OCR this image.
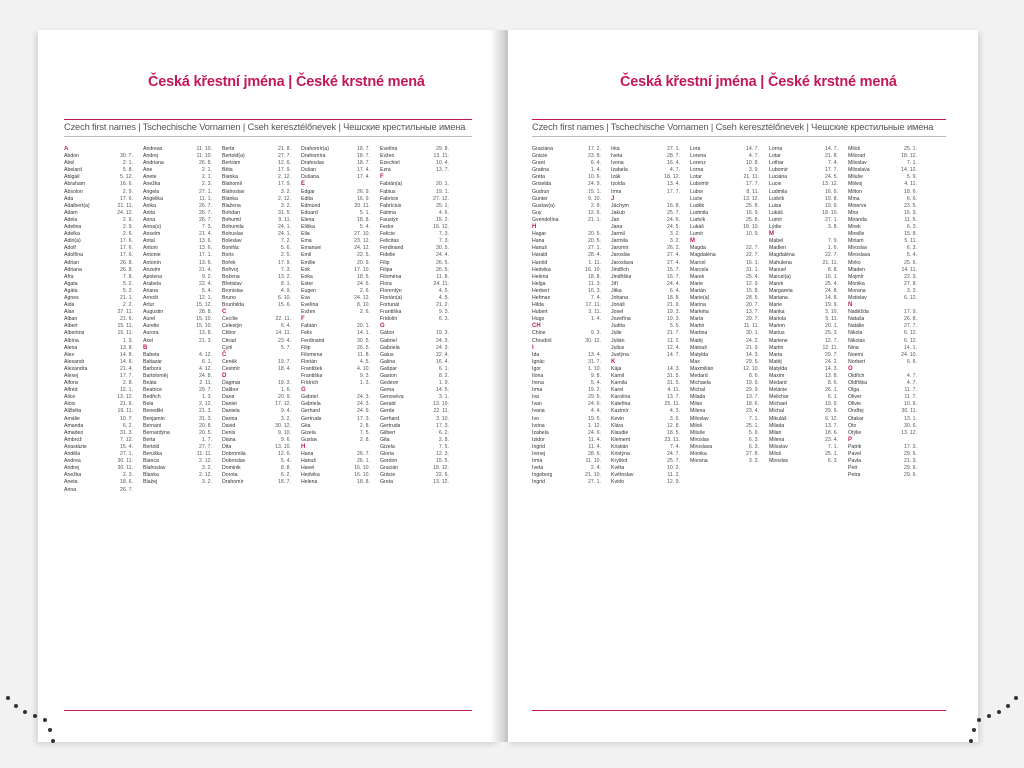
Česká křestní jména | České krstné mená
Czech first names | Tschechische Vornamen | Cseh keresztélőnevek | Чешские крестильные имена
A
Abdon	30. 7.
Abel	2. 1.
Abelard	5. 8.
Abigail	5. 12.
Abraham	16. 6.
Absolon	2. 9.
Ada	17. 6.
Adalbert(a)	21. 11.
Adam	24. 12.
Adela	2. 6.
Adelina	2. 9.
Adelka	2. 6.
Adin(a)	17. 6.
Adolf	17. 6.
Adolfína	17. 6.
Adrian	26. 8.
Adriana	26. 8.
Afra	7. 8.
Agata	5. 2.
Agáta	5. 2.
Agnes	21. 1.
Aida	2. 2.
Alan	27. 11.
Alban	21. 6.
Albert	15. 11.
Albertina	15. 11.
Albína	1. 3.
Alena	13. 8.
Alex	14. 8.
Alexandr	14. 8.
Alexandra	21. 4.
Alexej	17. 7.
Alfons	2. 8.
Alfréd	12. 1.
Alice	13. 12.
Alois	21. 6.
Alžběta	19. 11.
Amálie	10. 7.
Amanda	6. 2.
Amadeo	31. 3.
Ambrož	7. 12.
Anastázie	15. 4.
Anděla	27. 1.
Andrea	30. 11.
Andrej	30. 11.
Anežka	2. 3.
Aneta	18. 6.
Anna	26. 7.
Andreas	11. 10.
Andrej	11. 10.
Andriana	26. 8.
Ane	2. 1.
Anete	2. 1.
Anežka	2. 3.
Angela	27. 1.
Angelika	11. 1.
Anika	26. 7.
Anita	26. 7.
Anna	26. 7.
Anna(s)	7. 3.
Anselm	21. 4.
Antal	13. 6.
Antoni	13. 6.
Antonie	17. 1.
Antonín	13. 6.
Anzelm	21. 4.
Apolena	9. 2.
Arabela	22. 4.
Ariana	5. 4.
Arnošt	12. 1.
Artur	15. 12.
Augustin	28. 8.
Aurel	15. 10.
Aurelie	15. 10.
Aurora	13. 8.
Axel	21. 3.
B
Babeta	4. 12.
Baltazar	6. 1.
Barbora	4. 12.
Bartoloměj	24. 8.
Beáta	2. 11.
Beatrice	29. 7.
Bedřich	1. 3.
Bela	2. 12.
Benedikt	21. 3.
Benjamin	31. 3.
Bernard	20. 8.
Bernardýna	20. 5.
Berta	1. 7.
Bertold	27. 7.
Beruška	11. 11.
Bianca	2. 12.
Blahoslav	3. 2.
Blanka	2. 12.
Blažej	3. 2.
Berta	21. 8.
Bertold(a)	27. 7.
Bertram	12. 6.
Běta	17. 9.
Bianka	2. 12.
Blahomil	17. 9.
Blahoslav	3. 2.
Blanka	2. 12.
Blažena	3. 2.
Bohdan	31. 5.
Bohumil	9. 11.
Bohumila	24. 1.
Bohuslav	24. 1.
Boleslav	7. 2.
Bonifác	5. 6.
Boris	2. 5.
Bořek	17. 9.
Bořivoj	7. 3.
Božena	13. 2.
Břetislav	8. 1.
Bronislav	4. 9.
Bruno	6. 10.
Brunhilda	15. 6.
C
Cecílie	22. 11.
Celestýn	6. 4.
Ctibor	14. 11.
Ctirad	23. 4.
Cyril	5. 7.
Č
Čeněk	19. 7.
Čestmír	18. 4.
D
Dagmar	19. 3.
Dalibor	1. 6.
Dana	20. 9.
Daniel	17. 12.
Daniela	9. 4.
Darina	3. 2.
David	30. 12.
Denis	9. 10.
Diana	9. 6.
Dita	13. 10.
Dobromila	12. 6.
Dobroslav	5. 4.
Dominik	8. 8.
Dorota	6. 2.
Drahomír	18. 7.
Drahomír(a)	18. 7.
Drahomíra	18. 7.
Drahoslav	18. 7.
Dušan	17. 4.
Dušana	17. 4.
E
Edgar	26. 9.
Edita	16. 9.
Edmund	20. 11.
Eduard	5. 1.
Elena	18. 8.
Eliška	5. 4.
Ella	27. 10.
Ema	23. 12.
Emanuel	24. 12.
Emil	22. 5.
Emílie	20. 9.
Erik	17. 10.
Erika	18. 5.
Ester	24. 6.
Eugen	2. 6.
Eva	24. 12.
Evelína	8. 10.
Evžen	2. 6.
F
Fabián	20. 1.
Felix	14. 1.
Ferdinand	30. 5.
Filip	26. 5.
Filomena	11. 8.
Florián	4. 5.
František	4. 10.
Františka	9. 3.
Fridrich	1. 3.
G
Gabriel	24. 3.
Gabriela	24. 3.
Gerhard	24. 9.
Gertruda	17. 3.
Gita	2. 8.
Gizela	7. 5.
Gustav	2. 8.
H
Hana	26. 7.
Hanuš	26. 1.
Havel	16. 10.
Hedvika	16. 10.
Helena	18. 8.
Evelína	29. 8.
Evžen	13. 11.
Ezechiel	10. 4.
Ezra	13. 7.
F
Fabián(a)	20. 1.
Fabius	19. 1.
Fabricie	27. 12.
Fabrícius	25. 1.
Fatima	4. 6.
Faustýn	15. 2.
Fedor	16. 12.
Felicie	7. 3.
Felicitas	7. 3.
Ferdinand	30. 5.
Fidelie	24. 4.
Filip	26. 5.
Filipa	26. 5.
Filoména	11. 8.
Flora	24. 11.
Florentýn	4. 5.
Florián(a)	4. 5.
Fortunát	21. 2.
Františka	9. 3.
Fridolín	6. 3.
G
Gábor	19. 3.
Gabriel	24. 3.
Gabriela	24. 3.
Gaius	22. 4.
Galina	16. 4.
Gašpar	6. 1.
Gaston	8. 2.
Gedeon	1. 9.
Gema	14. 5.
Genovéva	3. 1.
Gerald	13. 10.
Gerda	22. 11.
Gerhard	3. 10.
Gertruda	17. 3.
Gilbert	6. 2.
Gita	2. 8.
Gizela	7. 5.
Gloria	12. 3.
Gordon	15. 5.
Gracián	18. 12.
Grácie	22. 6.
Greta	13. 12.
Česká křestní jména | České krstné mená
Czech first names | Tschechische Vornamen | Cseh keresztélőnevek | Чешские крестильные имена
Graciána	17. 2.
Grácie	23. 8.
Grant	6. 4.
Gratina	1. 4.
Gréta	10. 6.
Griselda	24. 9.
Gudrun	15. 1.
Gunter	9. 10.
Gustav(a)	2. 8.
Guy	12. 6.
Gvendolína	21. 1.
H
Hagar	20. 5.
Hana	20. 5.
Hanuš	27. 1.
Harald	28. 4.
Harold	1. 11.
Hedvika	16. 10.
Helena	18. 8.
Helga	11. 3.
Herbert	16. 3.
Heřman	7. 4.
Hilda	17. 11.
Hubert	3. 11.
Hugo	1. 4.
CH
Chloe	9. 3.
Chrudoš	30. 12.
I
Ida	13. 4.
Ignác	31. 7.
Igor	1. 10.
Ilona	9. 8.
Irena	5. 4.
Irma	19. 2.
Iva	29. 5.
Ivan	24. 6.
Ivana	4. 4.
Ivo	19. 5.
Ivona	1. 12.
Izabela	24. 6.
Izidor	11. 4.
Ingrid	11. 4.
Irenej	28. 6.
Irma	11. 10.
Iveta	2. 4.
Ingeborg	21. 10.
Ingrid	27. 1.
Irka	27. 1.
Iveta	28. 7.
Ivona	16. 4.
Izabela	4. 7.
Izák	18. 12.
Izolda	13. 4.
Irma	17. 7.
J
Jáchym	16. 8.
Jakub	25. 7.
Jan	24. 6.
Jana	24. 5.
Jarmil	3. 2.
Jarmila	3. 2.
Jaromír	26. 2.
Jaroslav	27. 4.
Jaroslava	27. 4.
Jindřich	15. 7.
Jindřiška	16. 7.
Jiří	24. 4.
Jitka	6. 4.
Johana	18. 8.
Jonáš	21. 9.
Josef	19. 3.
Jozefína	19. 3.
Judita	5. 5.
Julie	21. 7.
Julián	11. 2.
Julius	12. 4.
Justýna	14. 7.
K
Kája	14. 3.
Kamil	31. 5.
Kamila	31. 5.
Karel	4. 11.
Karolína	13. 7.
Kateřina	25. 11.
Kazimír	4. 3.
Kevin	3. 6.
Klára	12. 8.
Klaudie	18. 5.
Klement	23. 11.
Kristián	7. 4.
Kristýna	24. 7.
Kryštof	25. 7.
Květa	10. 2.
Květoslav	11. 2.
Kvido	12. 9.
Lora	14. 7.
Lorena	4. 7.
Lorenz	10. 8.
Lorna	3. 9.
Lotar	21. 11.
Lubomír	17. 7.
Lubor	8. 11.
Lucie	13. 12.
Luděk	25. 8.
Ludmila	16. 9.
Ludvík	25. 8.
Lukáš	18. 10.
Lumír	10. 9.
M
Magda	22. 7.
Magdaléna	22. 7.
Marcel	16. 1.
Marcela	31. 1.
Marek	25. 4.
Marie	12. 9.
Marián	15. 8.
Marie(a)	28. 5.
Marina	20. 7.
Markéta	13. 7.
Marta	29. 7.
Martin	11. 11.
Martina	30. 1.
Matěj	24. 2.
Matouš	21. 9.
Matylda	14. 3.
Max	29. 5.
Maxmilián	12. 10.
Medard	8. 6.
Michaela	19. 9.
Michal	29. 9.
Milada	13. 7.
Milan	18. 6.
Milena	23. 4.
Miloslav	7. 1.
Miloš	25. 1.
Miluše	5. 9.
Miroslav	6. 3.
Miroslava	6. 3.
Monika	27. 8.
Morana	3. 3.
Lorna	14. 7.
Lotar	21. 8.
Lothar	7. 4.
Lubomír	17. 7.
Luciána	24. 5.
Lucie	13. 12.
Ludmila	16. 9.
Ludvík	19. 8.
Luisa	19. 9.
Lukáš	18. 10.
Lumír	27. 1.
Lýdie	3. 8.
M
Mabel	7. 9.
Madlen	1. 6.
Magdaléna	22. 7.
Mahulena	21. 11.
Manuel	8. 8.
Marcel(a)	16. 1.
Marek	25. 4.
Margareta	24. 8.
Mariana	14. 8.
Marie	19. 9.
Marika	3. 10.
Mariola	5. 11.
Marion	20. 1.
Marius	25. 3.
Marlene	12. 7.
Martin	12. 11.
Marta	29. 7.
Matěj	24. 2.
Matylda	14. 3.
Maxim	13. 8.
Medard	8. 6.
Melánie	26. 1.
Melichar	6. 1.
Michael	19. 9.
Michal	29. 9.
Mikuláš	6. 12.
Milada	13. 7.
Milan	18. 6.
Milena	23. 4.
Miloslav	7. 1.
Miloš	25. 1.
Miroslav	6. 3.
Miloš	25. 1.
Milorad	18. 12.
Miloslav	7. 1.
Miloslava	14. 12.
Miluše	5. 9.
Milivoj	4. 11.
Milton	18. 6.
Mína	6. 6.
Minerva	23. 5.
Mira	16. 3.
Miranda	11. 5.
Mirek	6. 3.
Mireille	15. 8.
Miriam	5. 11.
Miroslav	6. 3.
Miroslava	5. 4.
Mirko	25. 6.
Mladen	14. 11.
Mojmír	22. 3.
Monika	27. 8.
Morana	3. 3.
Mstislav	6. 12.
N
Naděžda	17. 9.
Nataša	26. 8.
Natálie	27. 7.
Nikola	6. 12.
Nikolas	6. 12.
Nina	14. 1.
Noemi	24. 10.
Norbert	6. 6.
O
Oldřich	4. 7.
Oldřiška	4. 7.
Olga	11. 7.
Oliver	11. 7.
Olivie	10. 6.
Ondřej	30. 11.
Otakar	13. 1.
Oto	30. 6.
Otýlie	13. 12.
P
Patrik	17. 3.
Pavel	29. 6.
Pavla	21. 3.
Petr	29. 6.
Petra	29. 6.
